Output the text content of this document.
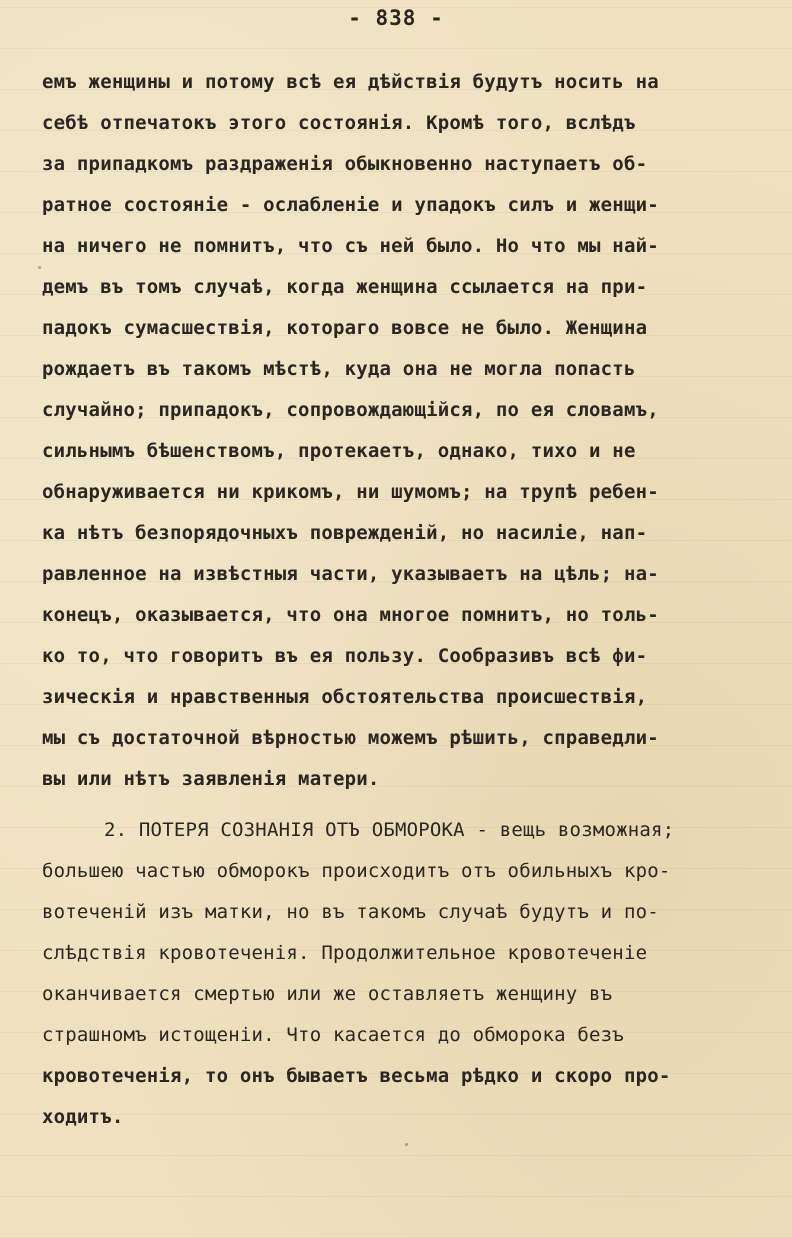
- 838 -
емъ женщины и потому всѣ ея дѣйствія будутъ носить на
себѣ отпечатокъ этого состоянія. Кромѣ того, вслѣдъ
за припадкомъ раздраженія обыкновенно наступаетъ об-
ратное состояніе - ослабленіе и упадокъ силъ и женщи-
на ничего не помнитъ, что съ ней было. Но что мы най-
демъ въ томъ случаѣ, когда женщина ссылается на при-
падокъ сумасшествія, котораго вовсе не было. Женщина
рождаетъ въ такомъ мѣстѣ, куда она не могла попасть
случайно; припадокъ, сопровождающійся, по ея словамъ,
сильнымъ бѣшенствомъ, протекаетъ, однако, тихо и не
обнаруживается ни крикомъ, ни шумомъ; на трупѣ ребен-
ка нѣтъ безпорядочныхъ поврежденій, но насиліе, нап-
равленное на извѣстныя части, указываетъ на цѣль; на-
конецъ, оказывается, что она многое помнитъ, но толь-
ко то, что говоритъ въ ея пользу. Сообразивъ всѣ фи-
зическія и нравственныя обстоятельства происшествія,
мы съ достаточной вѣрностью можемъ рѣшить, справедли-
вы или нѣтъ заявленія матери.
2. ПОТЕРЯ СОЗНАНІЯ ОТЪ ОБМОРОКА - вещь возможная;
большею частью обморокъ происходитъ отъ обильныхъ кро-
вотеченій изъ матки, но въ такомъ случаѣ будутъ и по-
слѣдствія кровотеченія. Продолжительное кровотеченіе
оканчивается смертью или же оставляетъ женщину въ
страшномъ истощеніи. Что касается до обморока безъ
кровотеченія, то онъ бываетъ весьма рѣдко и скоро про-
ходитъ.
